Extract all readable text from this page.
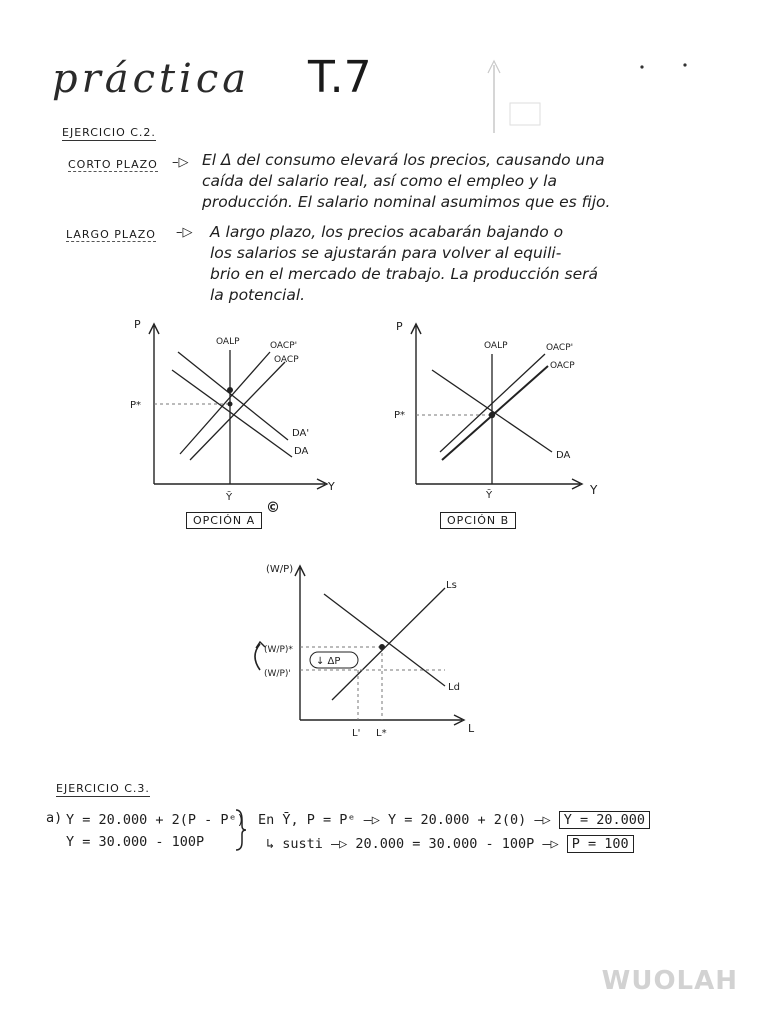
práctica T.7
EJERCICIO C.2.
CORTO PLAZO –▷ El Δ del consumo elevará los precios, causando una
caída del salario real, así como el empleo y la
producción. El salario nominal asumimos que es fijo.
LARGO PLAZO –▷ A largo plazo, los precios acabarán bajando o
los salarios se ajustarán para volver al equili-
brio en el mercado de trabajo. La producción será
la potencial.
P
Y
OALP	OACP'
OACP
DA'
DA
P*
Ȳ
OPCIÓN A
©
P
Y
OALP	OACP'
OACP
DA
P*
Ȳ
OPCIÓN B
(W/P)
L
Ls
Ld
(W/P)*
(W/P)'
↓ ΔP
L' L*
EJERCICIO C.3.
a) Y = 20.000 + 2(P - Pᵉ)
Y = 30.000 - 100P
En Ȳ, P = Pᵉ –▷ Y = 20.000 + 2(0) –▷ Y = 20.000
↳ susti –▷ 20.000 = 30.000 - 100P –▷ P = 100
WUOLAH
